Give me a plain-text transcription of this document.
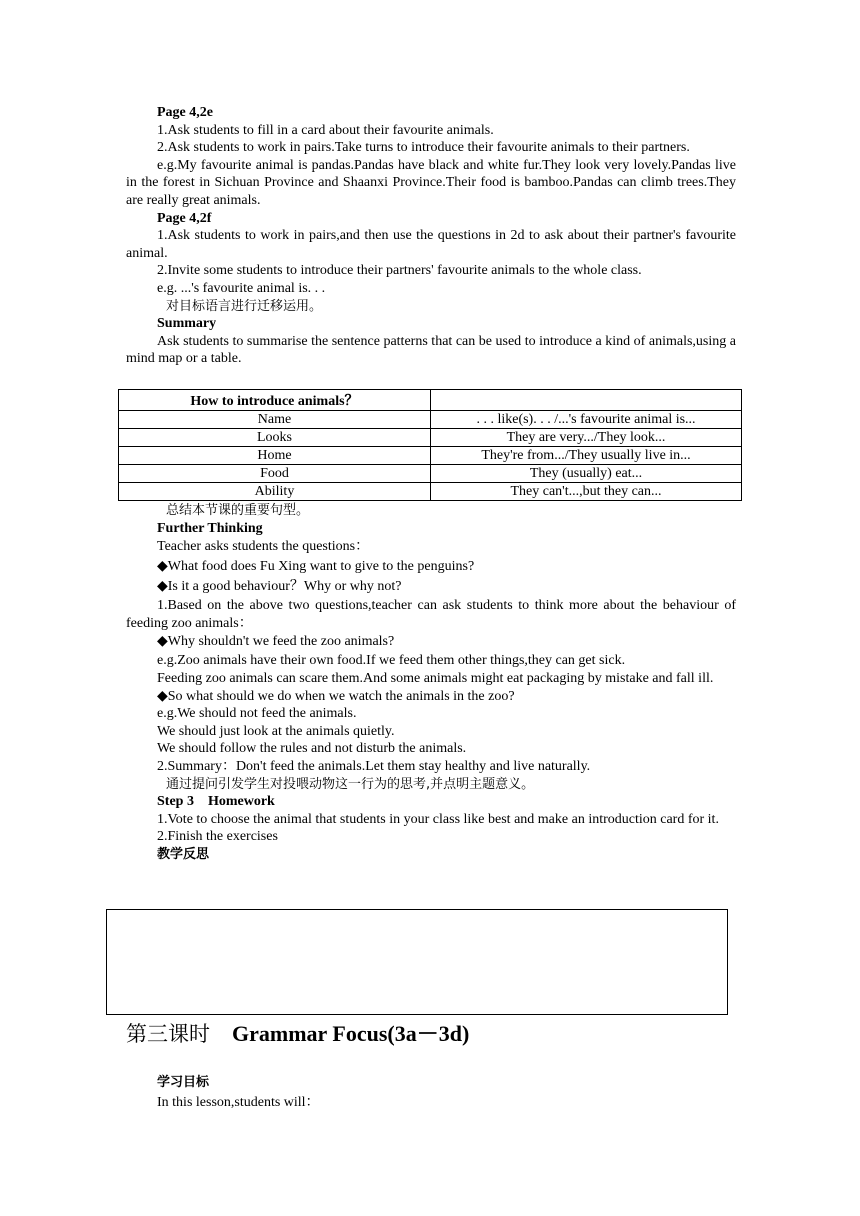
Page 4,2e

1.Ask students to fill in a card about their favourite animals.

2.Ask students to work in pairs.Take turns to introduce their favourite animals to their partners.

e.g.My favourite animal is pandas.Pandas have black and white fur.They look very lovely.Pandas live in the forest in Sichuan Province and Shaanxi Province.Their food is bamboo.Pandas can climb trees.They are really great animals.

Page 4,2f

1.Ask students to work in pairs,and then use the questions in 2d to ask about their partner's favourite animal.

2.Invite some students to introduce their partners' favourite animals to the whole class.

e.g. ...'s favourite animal is. . .

对目标语言进行迁移运用。

Summary

Ask students to summarise the sentence patterns that can be used to introduce a kind of animals,using a mind map or a table.

How to introduce animals？	
Name	. . . like(s). . . /...'s favourite animal is...
Looks	They are very.../They look...
Home	They're from.../They usually live in...
Food	They (usually) eat...
Ability	They can't...,but they can...

总结本节课的重要句型。

Further Thinking

Teacher asks students the questions：

◆What food does Fu Xing want to give to the penguins?

◆Is it a good behaviour？Why or why not?

1.Based on the above two questions,teacher can ask students to think more about the behaviour of feeding zoo animals：

◆Why shouldn't we feed the zoo animals?

e.g.Zoo animals have their own food.If we feed them other things,they can get sick.

Feeding zoo animals can scare them.And some animals might eat packaging by mistake and fall ill.

◆So what should we do when we watch the animals in the zoo?

e.g.We should not feed the animals.

We should just look at the animals quietly.

We should follow the rules and not disturb the animals.

2.Summary：Don't feed the animals.Let them stay healthy and live naturally.

通过提问引发学生对投喂动物这一行为的思考,并点明主题意义。

Step 3　Homework

1.Vote to choose the animal that students in your class like best and make an introduction card for it.

2.Finish the exercises

教学反思

第三课时 Grammar Focus(3a－3d)
学习目标
In this lesson,students will：
